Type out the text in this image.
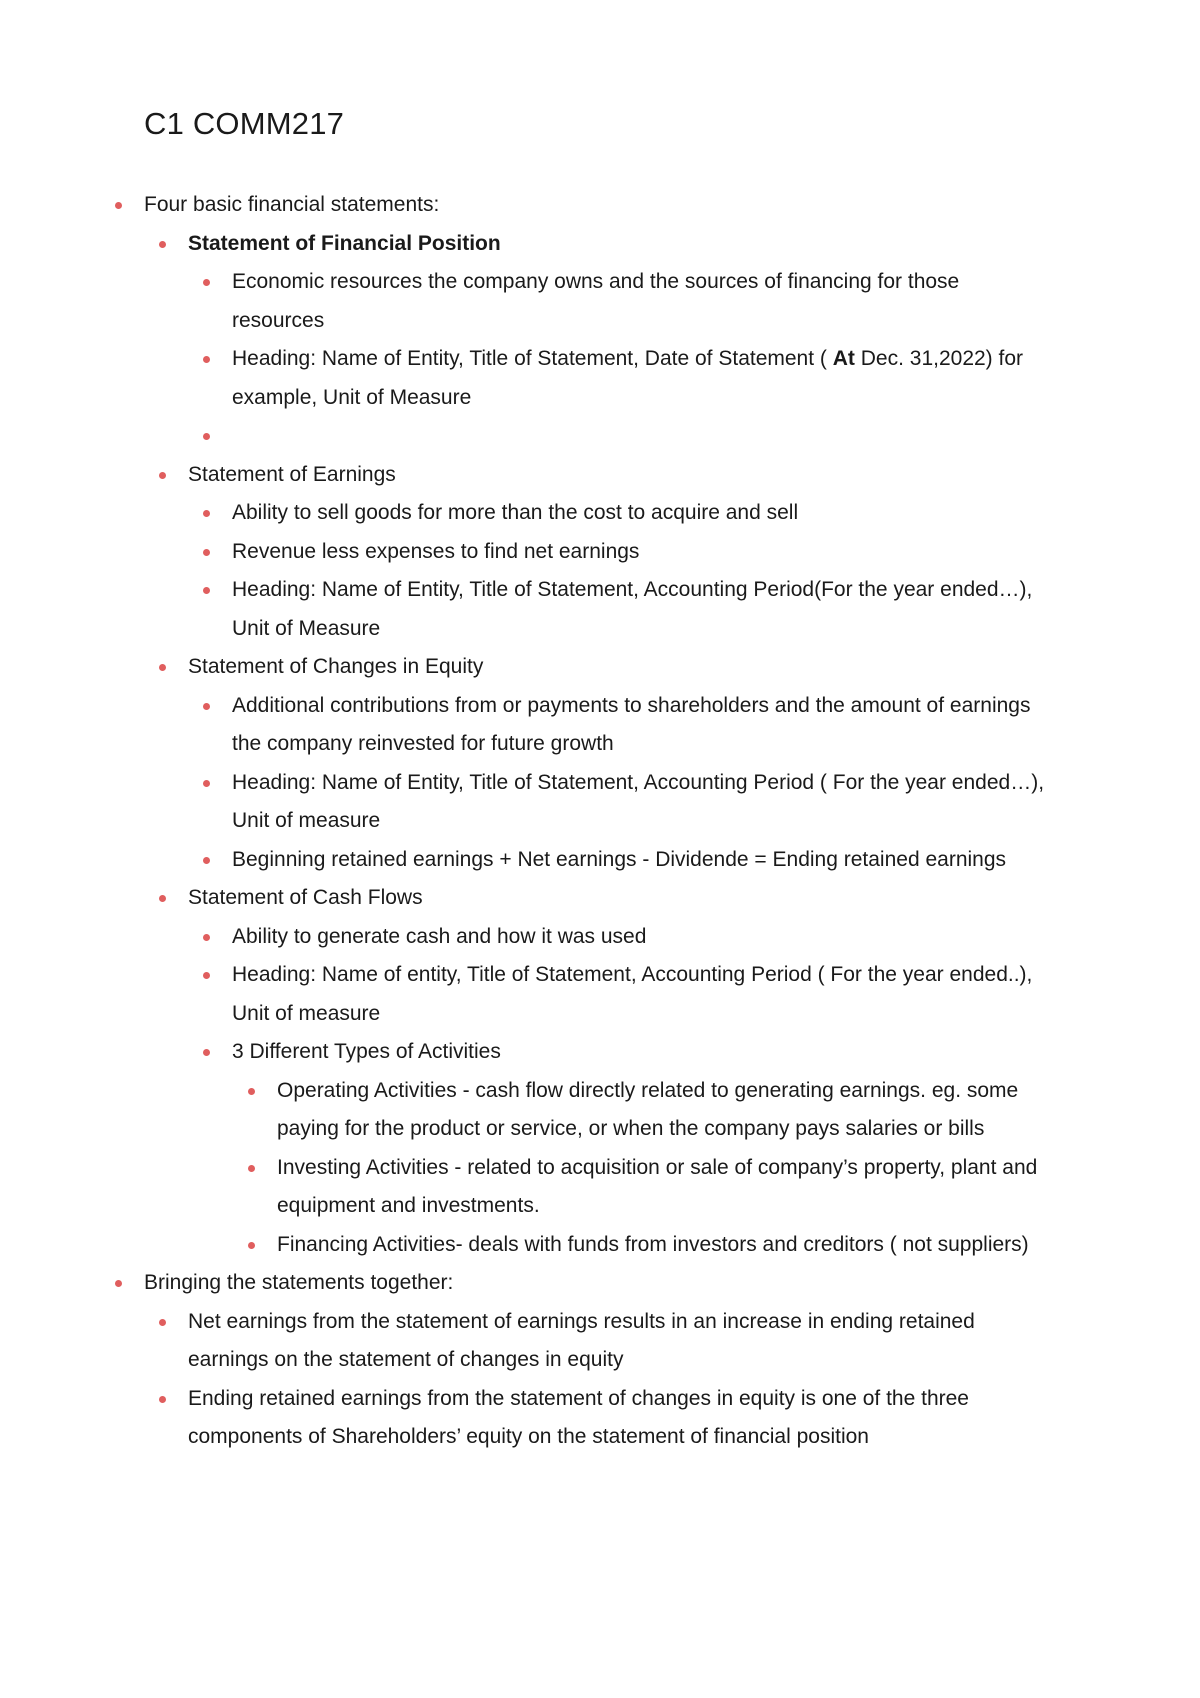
C1 COMM217
Four basic financial statements:
Statement of Financial Position
Economic resources the company owns and the sources of financing for those resources
Heading: Name of Entity, Title of Statement, Date of Statement ( At Dec. 31,2022) for example, Unit of Measure
Statement of Earnings
Ability to sell goods for more than the cost to acquire and sell
Revenue less expenses to find net earnings
Heading: Name of Entity, Title of Statement, Accounting Period(For the year ended…), Unit of Measure
Statement of Changes in Equity
Additional contributions from or payments to shareholders and the amount of earnings the company reinvested for future growth
Heading: Name of Entity, Title of Statement, Accounting Period ( For the year ended…), Unit of measure
Beginning retained earnings + Net earnings - Dividende = Ending retained earnings
Statement of Cash Flows
Ability to generate cash and how it was used
Heading: Name of entity, Title of Statement, Accounting Period ( For the year ended..), Unit of measure
3 Different Types of Activities
Operating Activities - cash flow directly related to generating earnings. eg. some paying for the product or service, or when the company pays salaries or bills
Investing Activities - related to acquisition or sale of company’s property, plant and equipment and investments.
Financing Activities- deals with funds from investors and creditors ( not suppliers)
Bringing the statements together:
Net earnings from the statement of earnings results in an increase in ending retained earnings on the statement of changes in equity
Ending retained earnings from the statement of changes in equity is one of the three components of Shareholders’ equity on the statement of financial position
